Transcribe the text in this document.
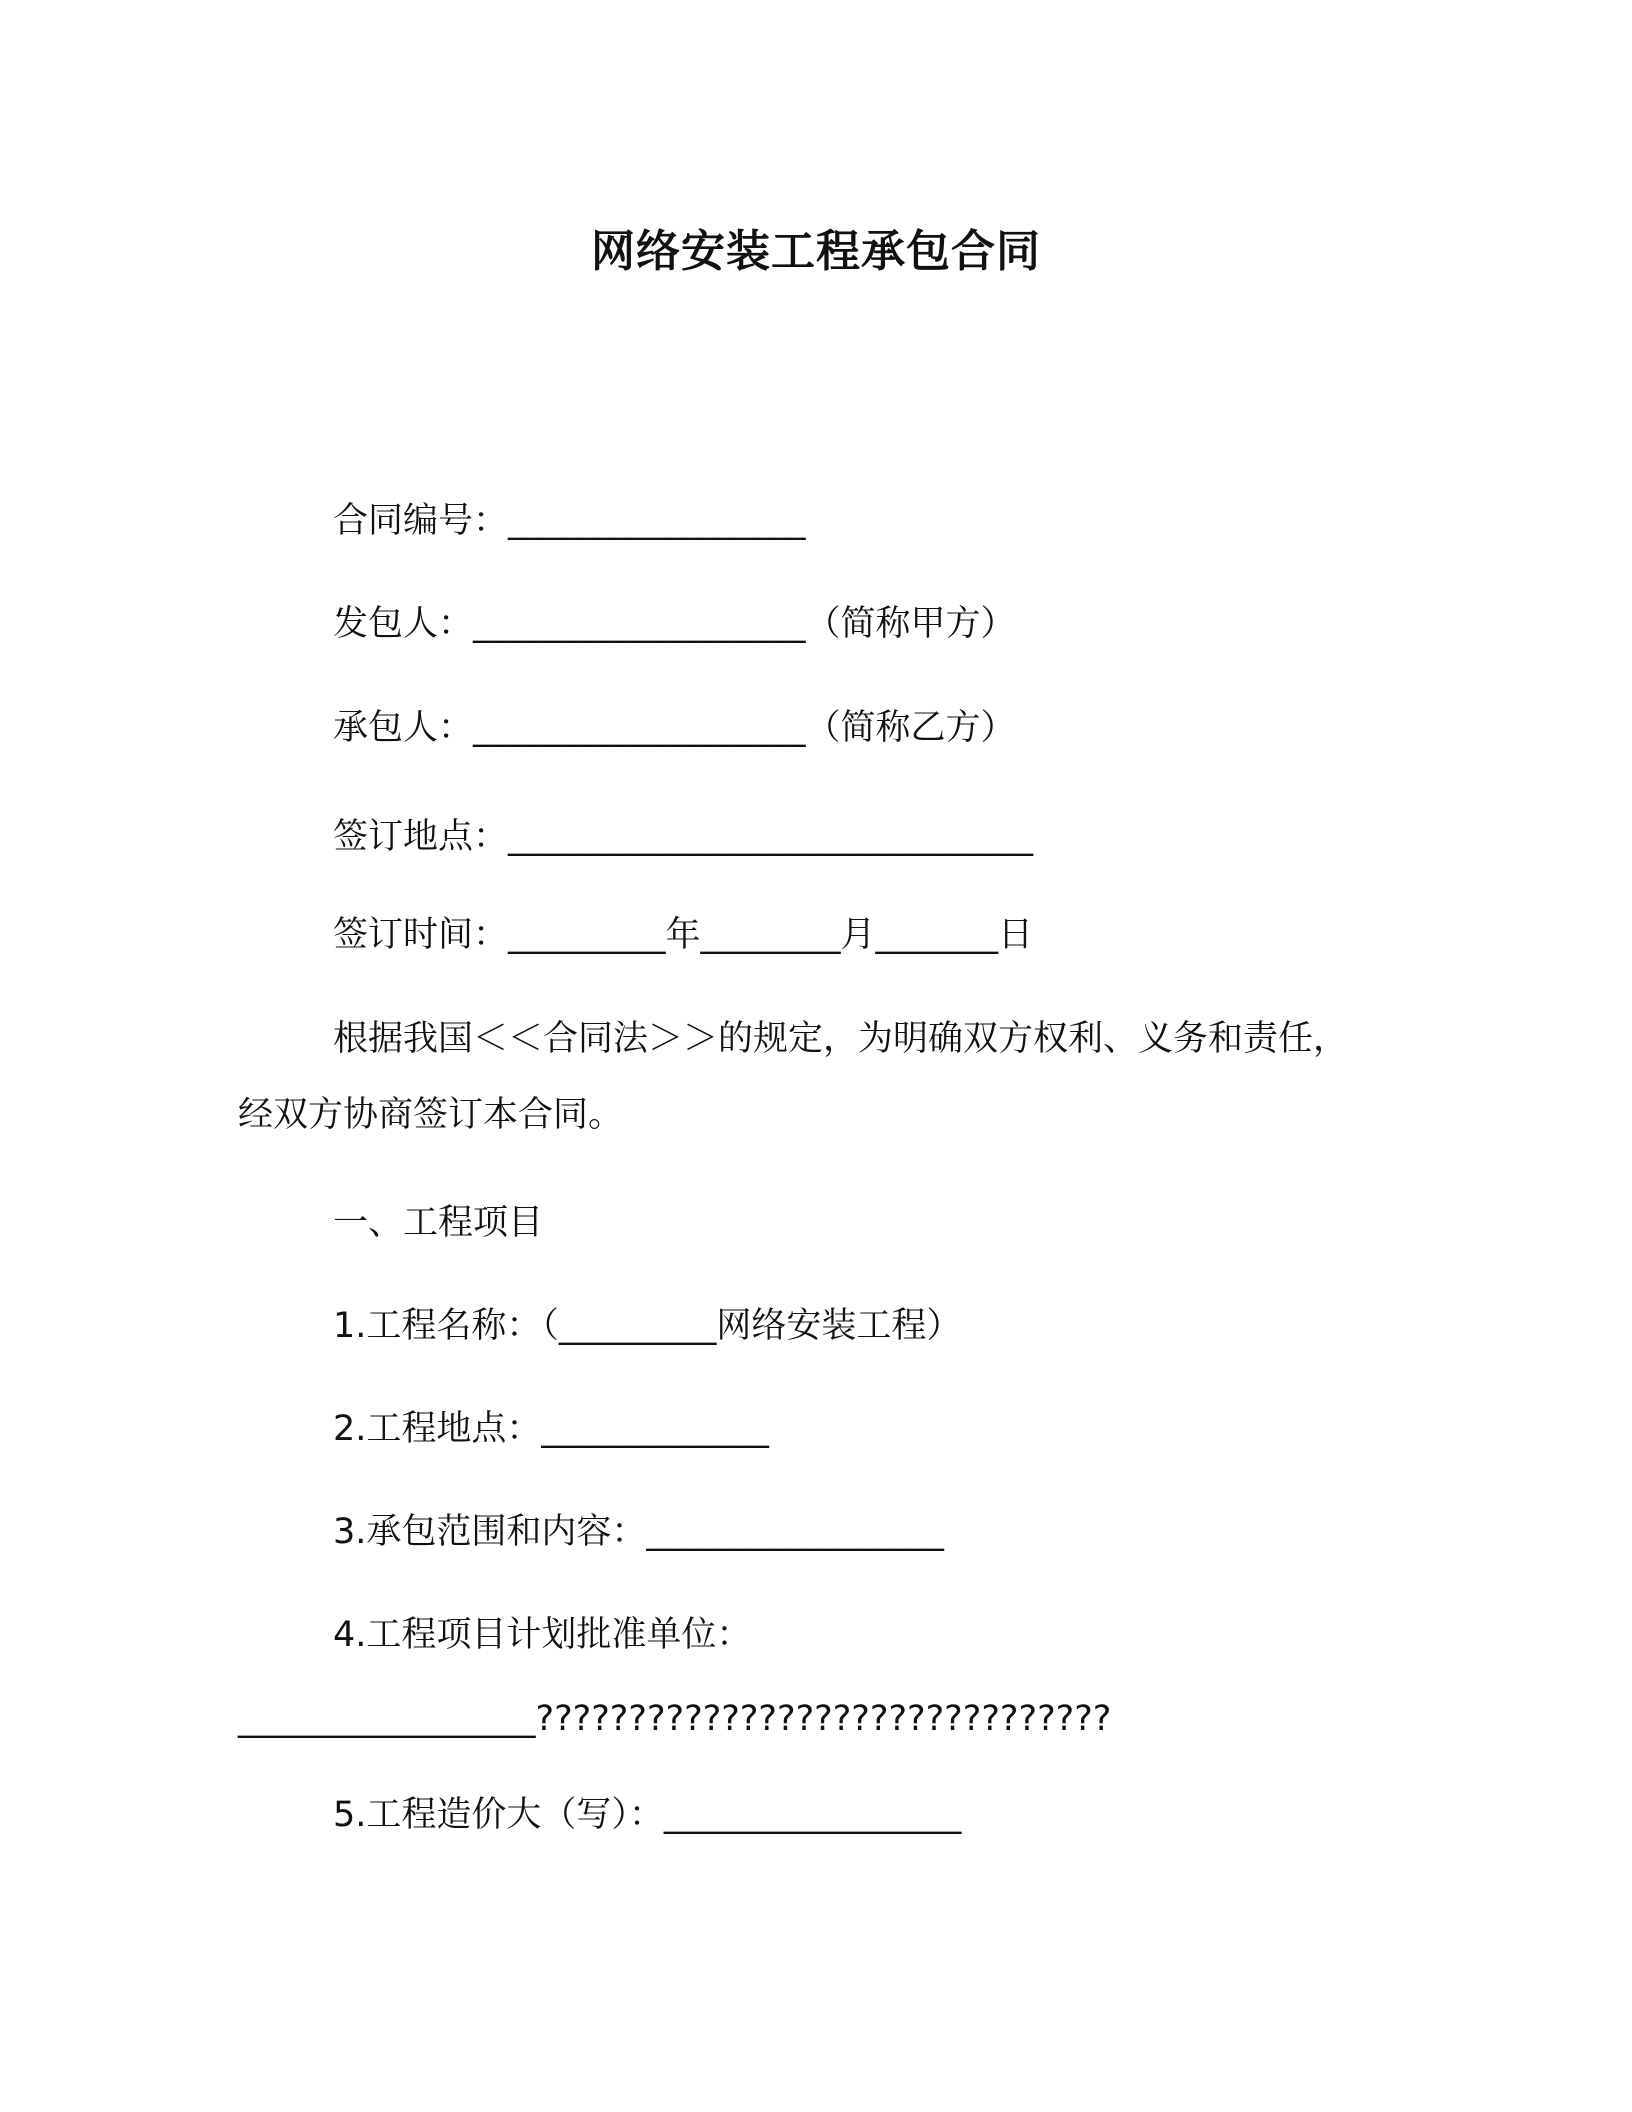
网络安装工程承包合同
合同编号：_________________
发包人：___________________（简称甲方）
承包人：___________________（简称乙方）
签订地点：______________________________
签订时间：_________年________月_______日
根据我国＜＜合同法＞＞的规定，为明确双方权利、义务和责任，
经双方协商签订本合同。
一、工程项目
1.工程名称：（_________网络安装工程）
2.工程地点：_____________
3.承包范围和内容：_________________
4.工程项目计划批准单位：
_________________???????????????????????????????
5.工程造价大（写）：_________________
